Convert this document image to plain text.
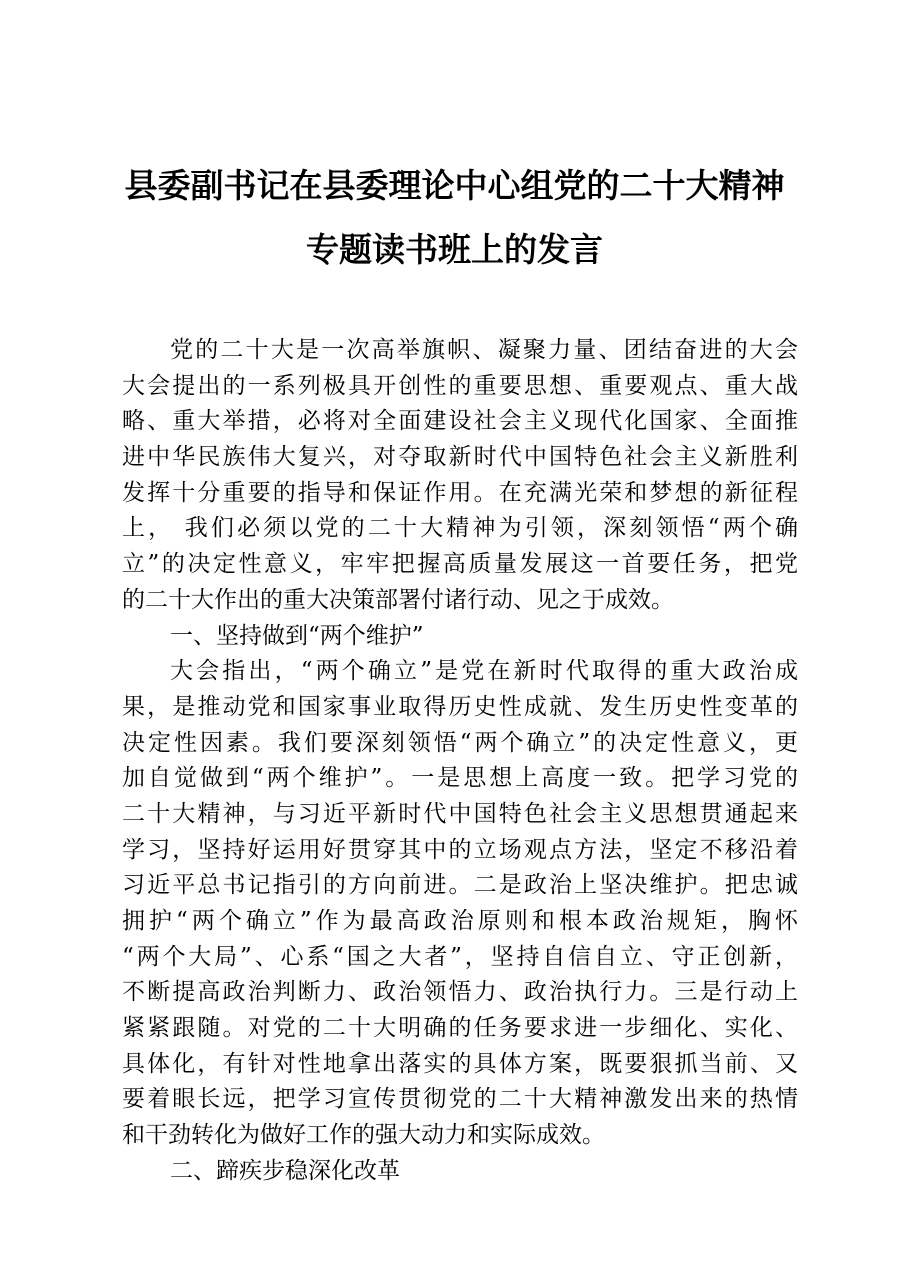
县委副书记在县委理论中心组党的二十大精神
专题读书班上的发言
党的二十大是一次高举旗帜、凝聚力量、团结奋进的大会
大会提出的一系列极具开创性的重要思想、重要观点、重大战
略、重大举措，必将对全面建设社会主义现代化国家、全面推
进中华民族伟大复兴，对夺取新时代中国特色社会主义新胜利
发挥十分重要的指导和保证作用。在充满光荣和梦想的新征程
上， 我们必须以党的二十大精神为引领，深刻领悟“两个确
立”的决定性意义，牢牢把握高质量发展这一首要任务，把党
的二十大作出的重大决策部署付诸行动、见之于成效。
一、坚持做到“两个维护”
大会指出，“两个确立”是党在新时代取得的重大政治成
果，是推动党和国家事业取得历史性成就、发生历史性变革的
决定性因素。我们要深刻领悟“两个确立”的决定性意义，更
加自觉做到“两个维护”。一是思想上高度一致。把学习党的
二十大精神，与习近平新时代中国特色社会主义思想贯通起来
学习，坚持好运用好贯穿其中的立场观点方法，坚定不移沿着
习近平总书记指引的方向前进。二是政治上坚决维护。把忠诚
拥护“两个确立”作为最高政治原则和根本政治规矩，胸怀
“两个大局”、心系“国之大者”，坚持自信自立、守正创新，
不断提高政治判断力、政治领悟力、政治执行力。三是行动上
紧紧跟随。对党的二十大明确的任务要求进一步细化、实化、
具体化，有针对性地拿出落实的具体方案，既要狠抓当前、又
要着眼长远，把学习宣传贯彻党的二十大精神激发出来的热情
和干劲转化为做好工作的强大动力和实际成效。
二、蹄疾步稳深化改革
